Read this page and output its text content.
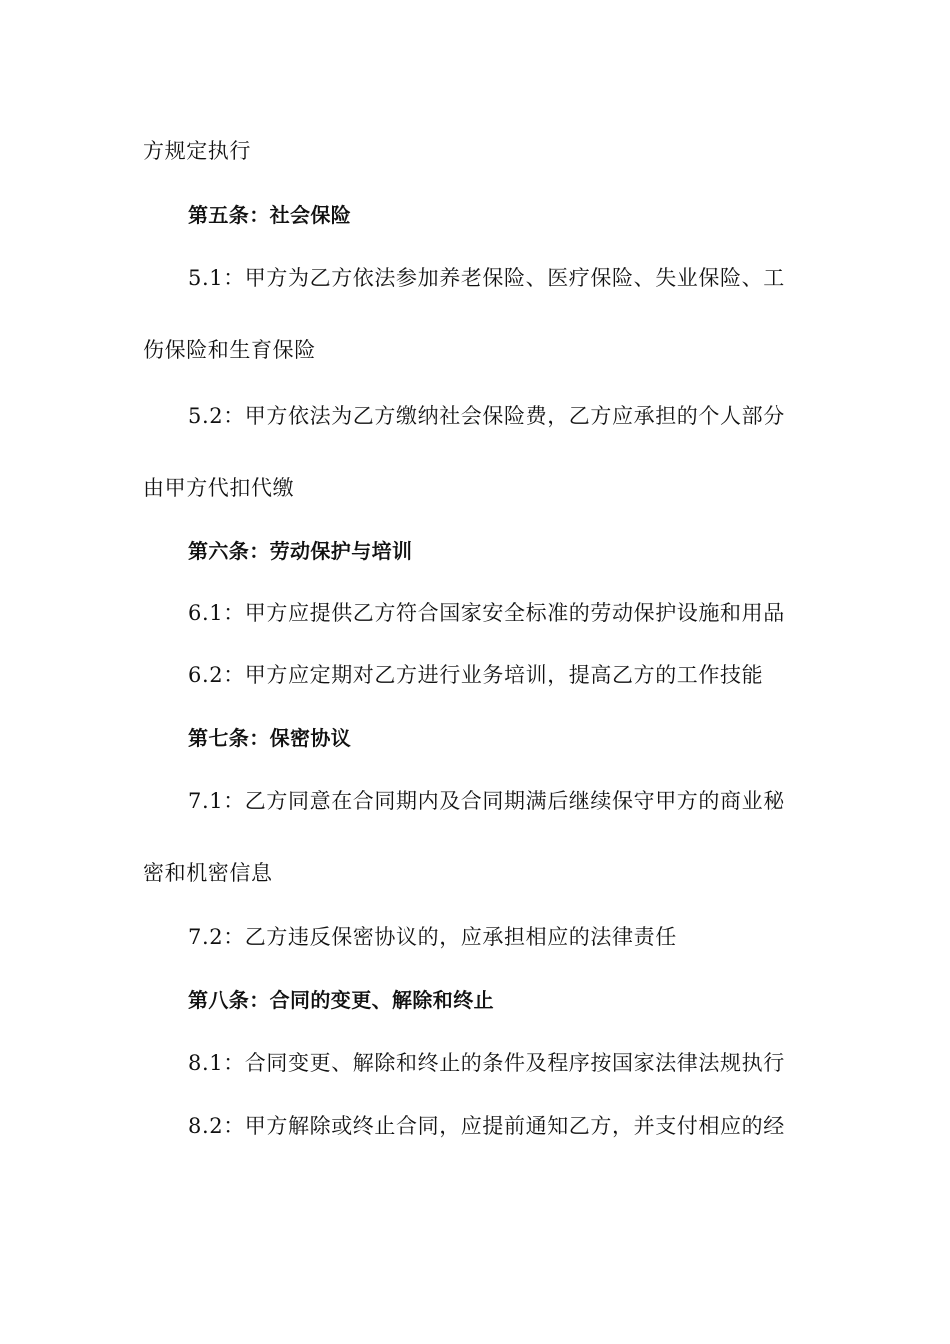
方规定执行
第五条：社会保险
5.1：甲方为乙方依法参加养老保险、医疗保险、失业保险、工
伤保险和生育保险
5.2：甲方依法为乙方缴纳社会保险费，乙方应承担的个人部分
由甲方代扣代缴
第六条：劳动保护与培训
6.1：甲方应提供乙方符合国家安全标准的劳动保护设施和用品
6.2：甲方应定期对乙方进行业务培训，提高乙方的工作技能
第七条：保密协议
7.1：乙方同意在合同期内及合同期满后继续保守甲方的商业秘
密和机密信息
7.2：乙方违反保密协议的，应承担相应的法律责任
第八条：合同的变更、解除和终止
8.1：合同变更、解除和终止的条件及程序按国家法律法规执行
8.2：甲方解除或终止合同，应提前通知乙方，并支付相应的经
